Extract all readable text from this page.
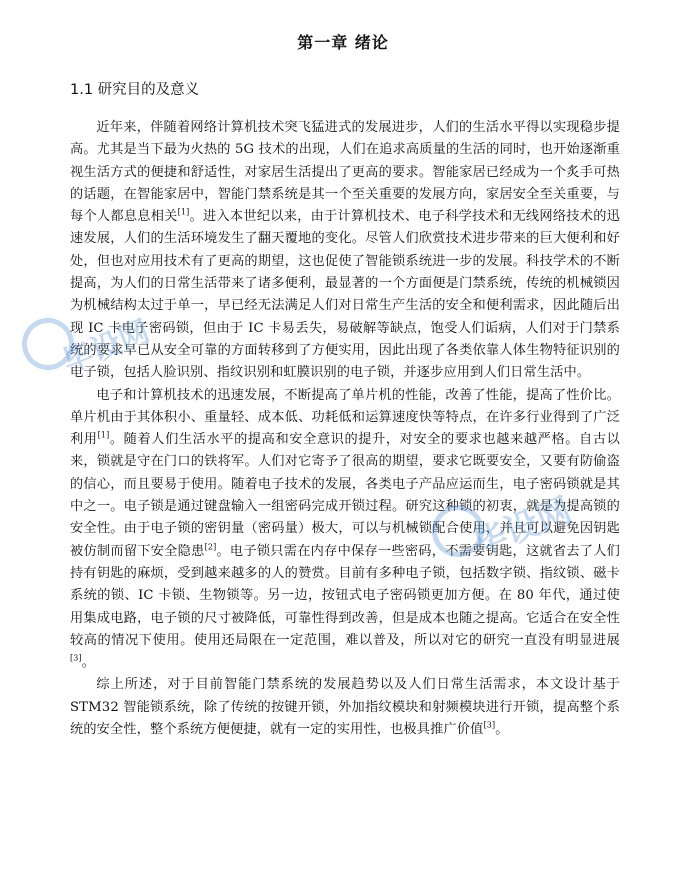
第一章 绪论
1.1 研究目的及意义

近年来，伴随着网络计算机技术突飞猛进式的发展进步，人们的生活水平得以实现稳步提高。尤其是当下最为火热的 5G 技术的出现，人们在追求高质量的生活的同时，也开始逐渐重视生活方式的便捷和舒适性，对家居生活提出了更高的要求。智能家居已经成为一个炙手可热的话题，在智能家居中，智能门禁系统是其一个至关重要的发展方向，家居安全至关重要，与每个人都息息相关[1]。进入本世纪以来，由于计算机技术、电子科学技术和无线网络技术的迅速发展，人们的生活环境发生了翻天覆地的变化。尽管人们欣赏技术进步带来的巨大便利和好处，但也对应用技术有了更高的期望，这也促使了智能锁系统进一步的发展。科技学术的不断提高，为人们的日常生活带来了诸多便利，最显著的一个方面便是门禁系统，传统的机械锁因为机械结构太过于单一，早已经无法满足人们对日常生产生活的安全和便利需求，因此随后出现 IC 卡电子密码锁，但由于 IC 卡易丢失，易破解等缺点，饱受人们诟病，人们对于门禁系统的要求早已从安全可靠的方面转移到了方便实用，因此出现了各类依靠人体生物特征识别的电子锁，包括人脸识别、指纹识别和虹膜识别的电子锁，并逐步应用到人们日常生活中。

电子和计算机技术的迅速发展，不断提高了单片机的性能，改善了性能，提高了性价比。单片机由于其体积小、重量轻、成本低、功耗低和运算速度快等特点，在许多行业得到了广泛利用[1]。随着人们生活水平的提高和安全意识的提升，对安全的要求也越来越严格。自古以来，锁就是守在门口的铁将军。人们对它寄予了很高的期望，要求它既要安全，又要有防偷盗的信心，而且要易于使用。随着电子技术的发展，各类电子产品应运而生，电子密码锁就是其中之一。电子锁是通过键盘输入一组密码完成开锁过程。研究这种锁的初衷，就是为提高锁的安全性。由于电子锁的密钥量（密码量）极大，可以与机械锁配合使用，并且可以避免因钥匙被仿制而留下安全隐患[2]。电子锁只需在内存中保存一些密码，不需要钥匙，这就省去了人们持有钥匙的麻烦，受到越来越多的人的赞赏。目前有多种电子锁，包括数字锁、指纹锁、磁卡系统的锁、IC 卡锁、生物锁等。另一边，按钮式电子密码锁更加方便。在 80 年代，通过使用集成电路，电子锁的尺寸被降低，可靠性得到改善，但是成本也随之提高。它适合在安全性较高的情况下使用。使用还局限在一定范围，难以普及，所以对它的研究一直没有明显进展[3]。

综上所述，对于目前智能门禁系统的发展趋势以及人们日常生活需求，本文设计基于 STM32 智能锁系统，除了传统的按键开锁，外加指纹模块和射频模块进行开锁，提高整个系统的安全性，整个系统方便便捷，就有一定的实用性，也极具推广价值[3]。

毕设网
毕设网
